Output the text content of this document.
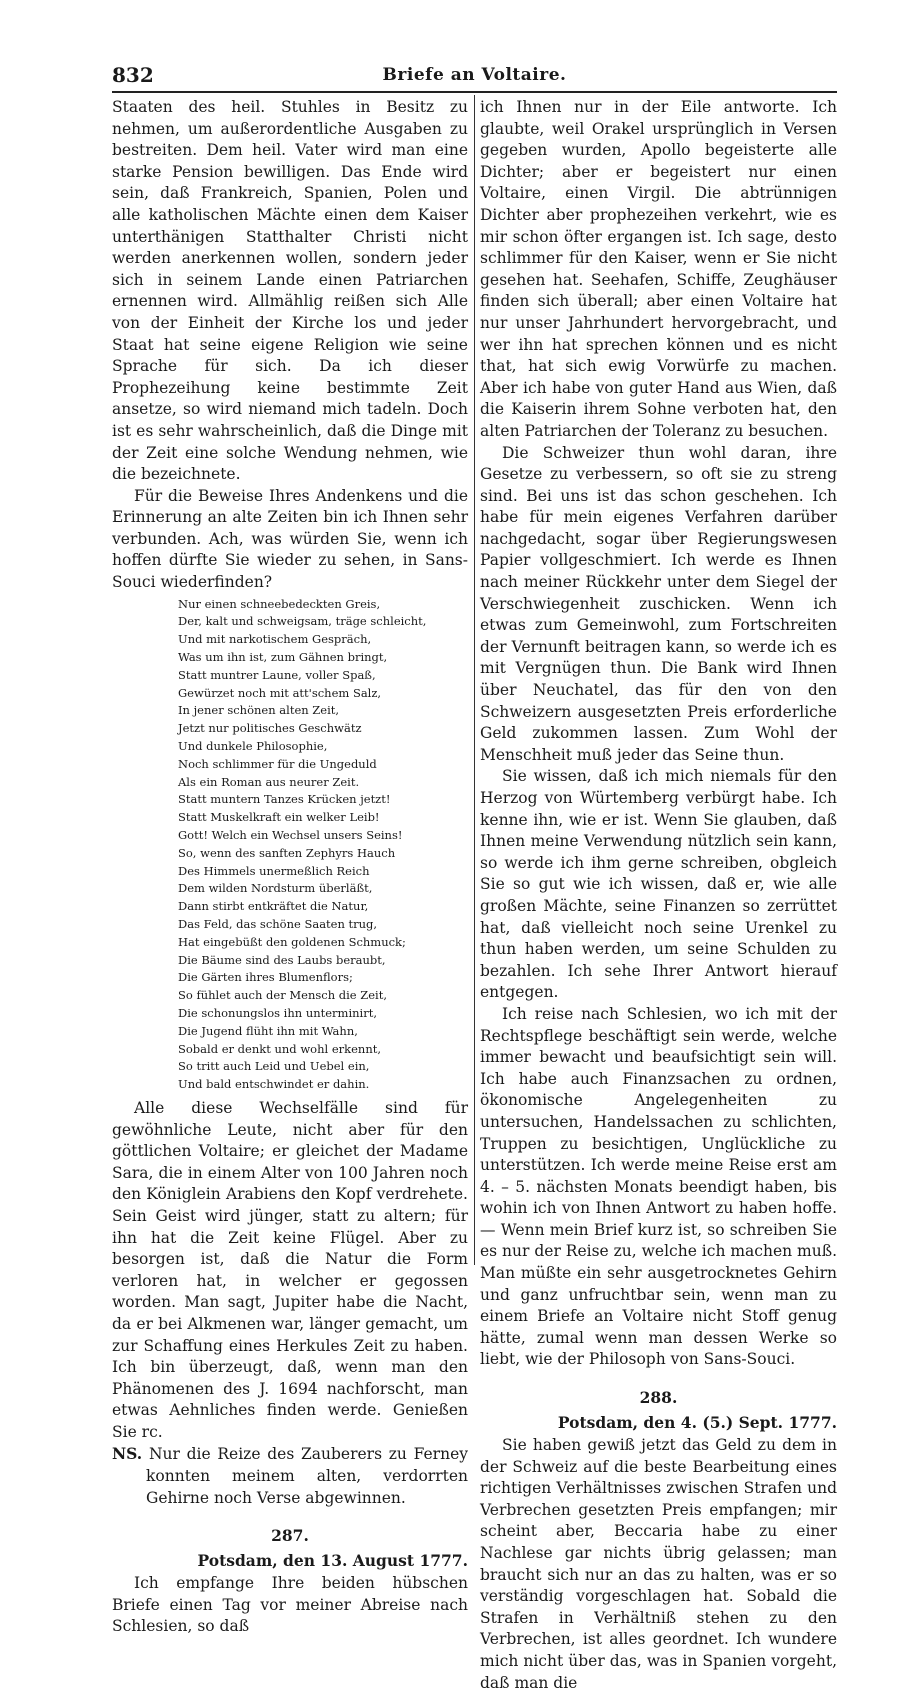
832	Briefe an Voltaire.

Staaten des heil. Stuhles in Besitz zu nehmen, um außerordentliche Ausgaben zu bestreiten. Dem heil. Vater wird man eine starke Pension bewilligen. Das Ende wird sein, daß Frankreich, Spanien, Polen und alle katholischen Mächte einen dem Kaiser unterthänigen Statthalter Christi nicht werden anerkennen wollen, sondern jeder sich in seinem Lande einen Patriarchen ernennen wird. Allmählig reißen sich Alle von der Einheit der Kirche los und jeder Staat hat seine eigene Religion wie seine Sprache für sich. Da ich dieser Prophezeihung keine bestimmte Zeit ansetze, so wird niemand mich tadeln. Doch ist es sehr wahrscheinlich, daß die Dinge mit der Zeit eine solche Wendung nehmen, wie die bezeichnete.

Für die Beweise Ihres Andenkens und die Erinnerung an alte Zeiten bin ich Ihnen sehr verbunden. Ach, was würden Sie, wenn ich hoffen dürfte Sie wieder zu sehen, in Sans-Souci wiederfinden?

Nur einen schneebedeckten Greis,
Der, kalt und schweigsam, träge schleicht,
Und mit narkotischem Gespräch,
Was um ihn ist, zum Gähnen bringt,
Statt muntrer Laune, voller Spaß,
Gewürzet noch mit att'schem Salz,
In jener schönen alten Zeit,
Jetzt nur politisches Geschwätz
Und dunkele Philosophie,
Noch schlimmer für die Ungeduld
Als ein Roman aus neurer Zeit.
Statt muntern Tanzes Krücken jetzt!
Statt Muskelkraft ein welker Leib!
Gott! Welch ein Wechsel unsers Seins!
So, wenn des sanften Zephyrs Hauch
Des Himmels unermeßlich Reich
Dem wilden Nordsturm überläßt,
Dann stirbt entkräftet die Natur,
Das Feld, das schöne Saaten trug,
Hat eingebüßt den goldenen Schmuck;
Die Bäume sind des Laubs beraubt,
Die Gärten ihres Blumenflors;
So fühlet auch der Mensch die Zeit,
Die schonungslos ihn unterminirt,
Die Jugend flüht ihn mit Wahn,
Sobald er denkt und wohl erkennt,
So tritt auch Leid und Uebel ein,
Und bald entschwindet er dahin.

Alle diese Wechselfälle sind für gewöhnliche Leute, nicht aber für den göttlichen Voltaire; er gleichet der Madame Sara, die in einem Alter von 100 Jahren noch den Königlein Arabiens den Kopf verdrehete. Sein Geist wird jünger, statt zu altern; für ihn hat die Zeit keine Flügel. Aber zu besorgen ist, daß die Natur die Form verloren hat, in welcher er gegossen worden. Man sagt, Jupiter habe die Nacht, da er bei Alkmenen war, länger gemacht, um zur Schaffung eines Herkules Zeit zu haben. Ich bin überzeugt, daß, wenn man den Phänomenen des J. 1694 nachforscht, man etwas Aehnliches finden werde. Genießen Sie rc.

NS. Nur die Reize des Zauberers zu Ferney konnten meinem alten, verdorrten Gehirne noch Verse abgewinnen.

287.
Potsdam, den 13. August 1777.

Ich empfange Ihre beiden hübschen Briefe einen Tag vor meiner Abreise nach Schlesien, so daß

ich Ihnen nur in der Eile antworte. Ich glaubte, weil Orakel ursprünglich in Versen gegeben wurden, Apollo begeisterte alle Dichter; aber er begeistert nur einen Voltaire, einen Virgil. Die abtrünnigen Dichter aber prophezeihen verkehrt, wie es mir schon öfter ergangen ist. Ich sage, desto schlimmer für den Kaiser, wenn er Sie nicht gesehen hat. Seehafen, Schiffe, Zeughäuser finden sich überall; aber einen Voltaire hat nur unser Jahrhundert hervorgebracht, und wer ihn hat sprechen können und es nicht that, hat sich ewig Vorwürfe zu machen. Aber ich habe von guter Hand aus Wien, daß die Kaiserin ihrem Sohne verboten hat, den alten Patriarchen der Toleranz zu besuchen.

Die Schweizer thun wohl daran, ihre Gesetze zu verbessern, so oft sie zu streng sind. Bei uns ist das schon geschehen. Ich habe für mein eigenes Verfahren darüber nachgedacht, sogar über Regierungswesen Papier vollgeschmiert. Ich werde es Ihnen nach meiner Rückkehr unter dem Siegel der Verschwiegenheit zuschicken. Wenn ich etwas zum Gemeinwohl, zum Fortschreiten der Vernunft beitragen kann, so werde ich es mit Vergnügen thun. Die Bank wird Ihnen über Neuchatel, das für den von den Schweizern ausgesetzten Preis erforderliche Geld zukommen lassen. Zum Wohl der Menschheit muß jeder das Seine thun.

Sie wissen, daß ich mich niemals für den Herzog von Würtemberg verbürgt habe. Ich kenne ihn, wie er ist. Wenn Sie glauben, daß Ihnen meine Verwendung nützlich sein kann, so werde ich ihm gerne schreiben, obgleich Sie so gut wie ich wissen, daß er, wie alle großen Mächte, seine Finanzen so zerrüttet hat, daß vielleicht noch seine Urenkel zu thun haben werden, um seine Schulden zu bezahlen. Ich sehe Ihrer Antwort hierauf entgegen.

Ich reise nach Schlesien, wo ich mit der Rechtspflege beschäftigt sein werde, welche immer bewacht und beaufsichtigt sein will. Ich habe auch Finanzsachen zu ordnen, ökonomische Angelegenheiten zu untersuchen, Handelssachen zu schlichten, Truppen zu besichtigen, Unglückliche zu unterstützen. Ich werde meine Reise erst am 4. – 5. nächsten Monats beendigt haben, bis wohin ich von Ihnen Antwort zu haben hoffe. — Wenn mein Brief kurz ist, so schreiben Sie es nur der Reise zu, welche ich machen muß. Man müßte ein sehr ausgetrocknetes Gehirn und ganz unfruchtbar sein, wenn man zu einem Briefe an Voltaire nicht Stoff genug hätte, zumal wenn man dessen Werke so liebt, wie der Philosoph von Sans-Souci.

288.
Potsdam, den 4. (5.) Sept. 1777.

Sie haben gewiß jetzt das Geld zu dem in der Schweiz auf die beste Bearbeitung eines richtigen Verhältnisses zwischen Strafen und Verbrechen gesetzten Preis empfangen; mir scheint aber, Beccaria habe zu einer Nachlese gar nichts übrig gelassen; man braucht sich nur an das zu halten, was er so verständig vorgeschlagen hat. Sobald die Strafen in Verhältniß stehen zu den Verbrechen, ist alles geordnet. Ich wundere mich nicht über das, was in Spanien vorgeht, daß man die
